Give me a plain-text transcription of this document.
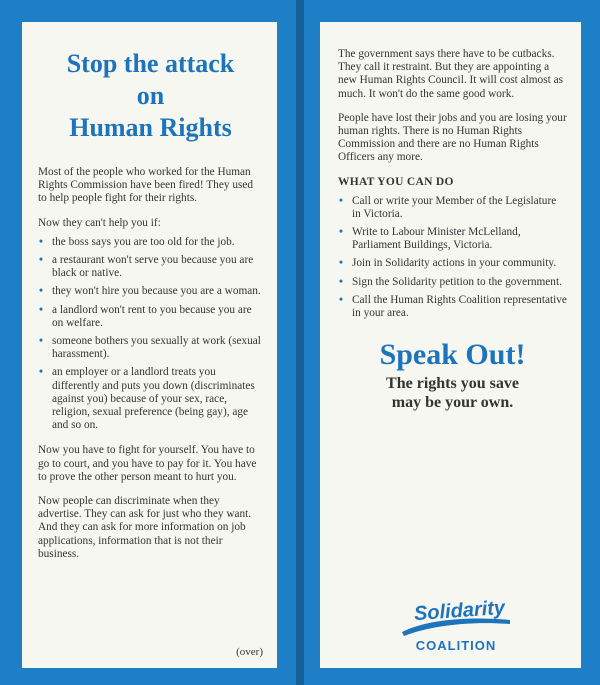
Stop the attack
on
Human Rights

Most of the people who worked for the Human Rights Commission have been fired! They used to help people fight for their rights.

Now they can't help you if:

• the boss says you are too old for the job.
• a restaurant won't serve you because you are black or native.
• they won't hire you because you are a woman.
• a landlord won't rent to you because you are on welfare.
• someone bothers you sexually at work (sexual harassment).
• an employer or a landlord treats you differently and puts you down (discriminates against you) because of your sex, race, religion, sexual preference (being gay), age and so on.

Now you have to fight for yourself. You have to go to court, and you have to pay for it. You have to prove the other person meant to hurt you.

Now people can discriminate when they advertise. They can ask for just who they want. And they can ask for more information on job applications, information that is not their business.

(over)

The government says there have to be cutbacks. They call it restraint. But they are appointing a new Human Rights Council. It will cost almost as much. It won't do the same good work.

People have lost their jobs and you are losing your human rights. There is no Human Rights Commission and there are no Human Rights Officers any more.

WHAT YOU CAN DO
• Call or write your Member of the Legislature in Victoria.
• Write to Labour Minister McLelland, Parliament Buildings, Victoria.
• Join in Solidarity actions in your community.
• Sign the Solidarity petition to the government.
• Call the Human Rights Coalition representative in your area.
Speak Out!

The rights you save
may be your own.

Solidarity
COALITION
